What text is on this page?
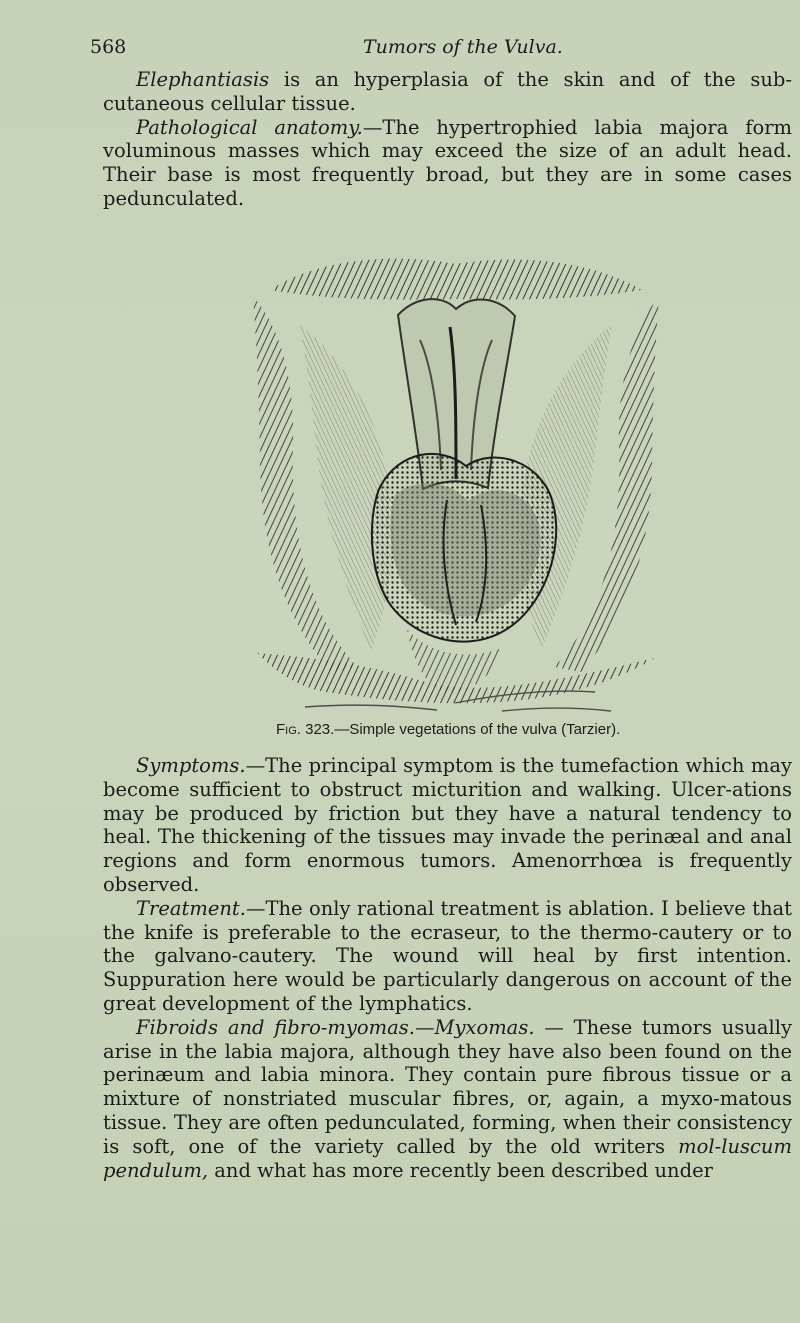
568	Tumors of the Vulva.

Elephantiasis is an hyperplasia of the skin and of the sub-cutaneous cellular tissue.

Pathological anatomy.—The hypertrophied labia majora form voluminous masses which may exceed the size of an adult head. Their base is most frequently broad, but they are in some cases pedunculated.

Fig. 323.—Simple vegetations of the vulva (Tarzier).

Symptoms.—The principal symptom is the tumefaction which may become sufficient to obstruct micturition and walking. Ulcer-ations may be produced by friction but they have a natural tendency to heal. The thickening of the tissues may invade the perinæal and anal regions and form enormous tumors. Amenorrhœa is frequently observed.

Treatment.—The only rational treatment is ablation. I believe that the knife is preferable to the ecraseur, to the thermo-cautery or to the galvano-cautery. The wound will heal by first intention. Suppuration here would be particularly dangerous on account of the great development of the lymphatics.

Fibroids and fibro-myomas.—Myxomas. — These tumors usually arise in the labia majora, although they have also been found on the perinæum and labia minora. They contain pure fibrous tissue or a mixture of nonstriated muscular fibres, or, again, a myxo-matous tissue. They are often pedunculated, forming, when their consistency is soft, one of the variety called by the old writers mol-luscum pendulum, and what has more recently been described under
